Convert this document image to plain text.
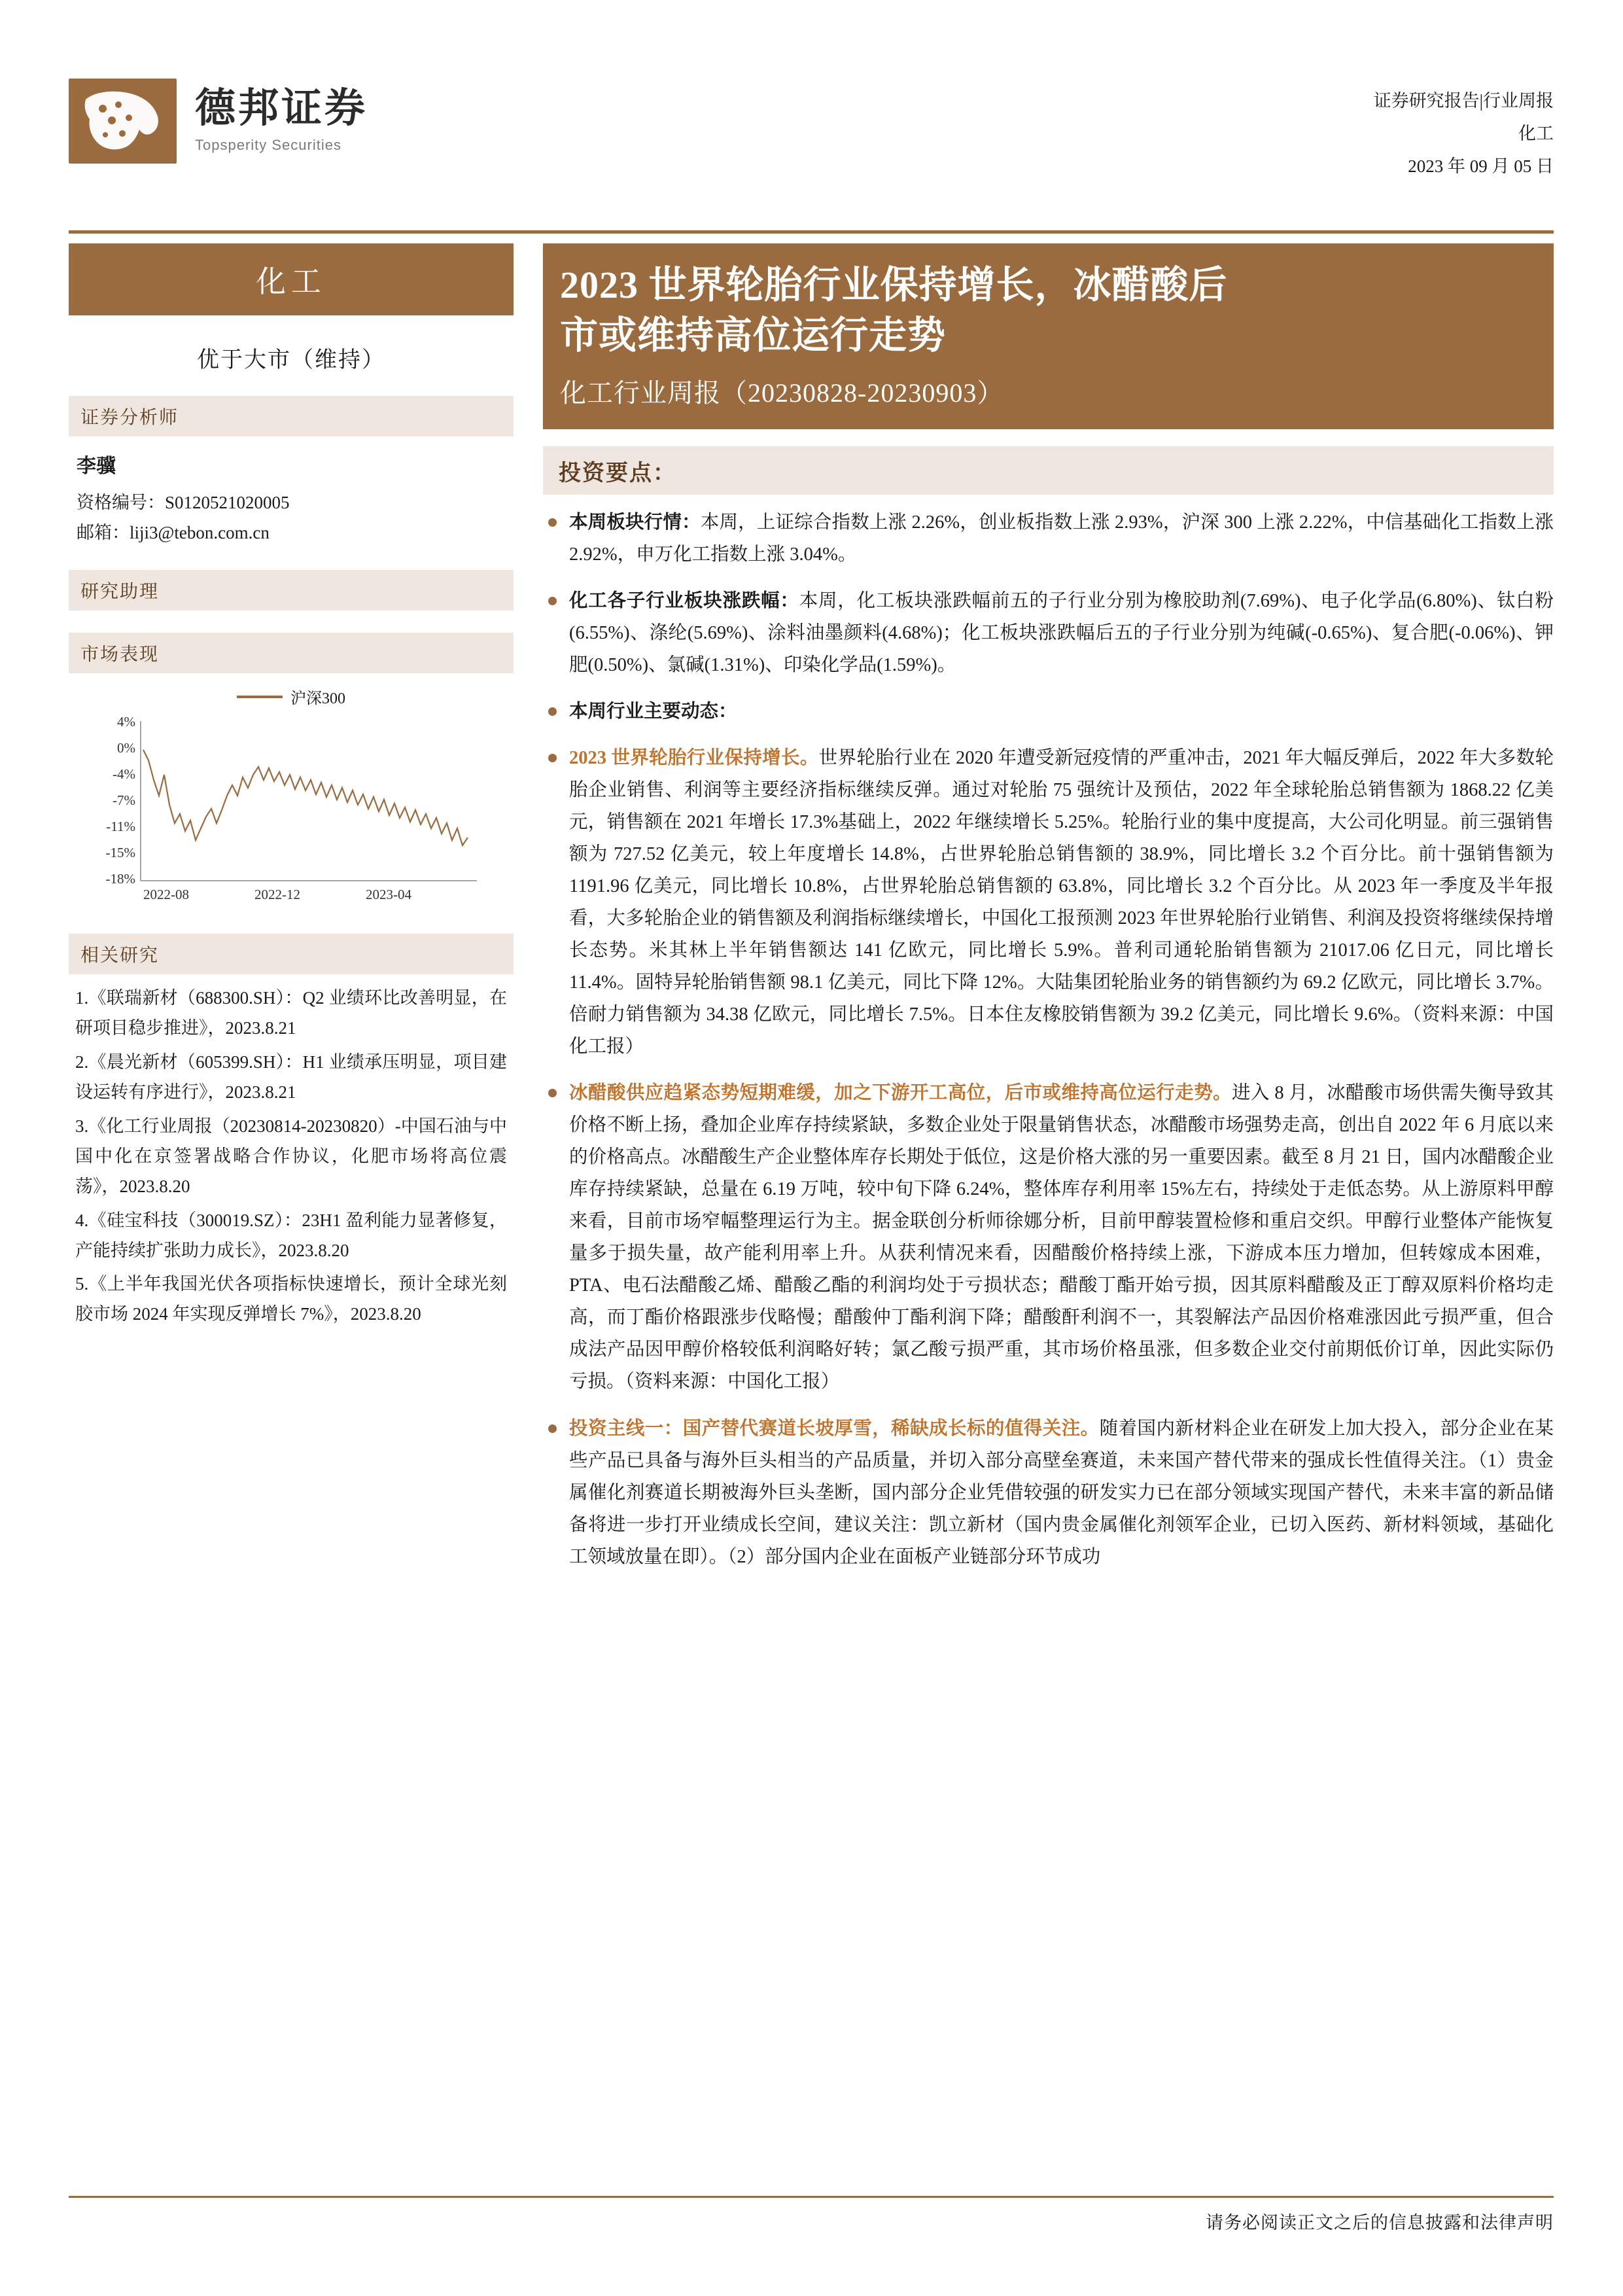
德邦证券
Topsperity Securities
证券研究报告|行业周报
化工
2023 年 09 月 05 日
化工
优于大市（维持）
证券分析师
李骥
资格编号：S0120521020005
邮箱：liji3@tebon.com.cn
研究助理
市场表现
沪深300
4%
0%
-4%
-7%
-11%
-15%
-18%
2022-08	2022-12	2023-04
相关研究

1.《联瑞新材（688300.SH）：Q2 业绩环比改善明显，在研项目稳步推进》，2023.8.21

2.《晨光新材（605399.SH）：H1 业绩承压明显，项目建设运转有序进行》，2023.8.21

3.《化工行业周报（20230814-20230820）-中国石油与中国中化在京签署战略合作协议，化肥市场将高位震荡》，2023.8.20

4.《硅宝科技（300019.SZ）：23H1 盈利能力显著修复，产能持续扩张助力成长》，2023.8.20

5.《上半年我国光伏各项指标快速增长，预计全球光刻胶市场 2024 年实现反弹增长 7%》，2023.8.20

2023 世界轮胎行业保持增长，冰醋酸后
市或维持高位运行走势
化工行业周报（20230828-20230903）
投资要点：
本周板块行情：本周，上证综合指数上涨 2.26%，创业板指数上涨 2.93%，沪深 300 上涨 2.22%，中信基础化工指数上涨 2.92%，申万化工指数上涨 3.04%。
化工各子行业板块涨跌幅：本周，化工板块涨跌幅前五的子行业分别为橡胶助剂(7.69%)、电子化学品(6.80%)、钛白粉(6.55%)、涤纶(5.69%)、涂料油墨颜料(4.68%)；化工板块涨跌幅后五的子行业分别为纯碱(-0.65%)、复合肥(-0.06%)、钾肥(0.50%)、氯碱(1.31%)、印染化学品(1.59%)。
本周行业主要动态：
2023 世界轮胎行业保持增长。世界轮胎行业在 2020 年遭受新冠疫情的严重冲击，2021 年大幅反弹后，2022 年大多数轮胎企业销售、利润等主要经济指标继续反弹。通过对轮胎 75 强统计及预估，2022 年全球轮胎总销售额为 1868.22 亿美元，销售额在 2021 年增长 17.3%基础上，2022 年继续增长 5.25%。轮胎行业的集中度提高，大公司化明显。前三强销售额为 727.52 亿美元，较上年度增长 14.8%，占世界轮胎总销售额的 38.9%，同比增长 3.2 个百分比。前十强销售额为 1191.96 亿美元，同比增长 10.8%，占世界轮胎总销售额的 63.8%，同比增长 3.2 个百分比。从 2023 年一季度及半年报看，大多轮胎企业的销售额及利润指标继续增长，中国化工报预测 2023 年世界轮胎行业销售、利润及投资将继续保持增长态势。米其林上半年销售额达 141 亿欧元，同比增长 5.9%。普利司通轮胎销售额为 21017.06 亿日元，同比增长 11.4%。固特异轮胎销售额 98.1 亿美元，同比下降 12%。大陆集团轮胎业务的销售额约为 69.2 亿欧元，同比增长 3.7%。倍耐力销售额为 34.38 亿欧元，同比增长 7.5%。日本住友橡胶销售额为 39.2 亿美元，同比增长 9.6%。（资料来源：中国化工报）
冰醋酸供应趋紧态势短期难缓，加之下游开工高位，后市或维持高位运行走势。进入 8 月，冰醋酸市场供需失衡导致其价格不断上扬，叠加企业库存持续紧缺，多数企业处于限量销售状态，冰醋酸市场强势走高，创出自 2022 年 6 月底以来的价格高点。冰醋酸生产企业整体库存长期处于低位，这是价格大涨的另一重要因素。截至 8 月 21 日，国内冰醋酸企业库存持续紧缺，总量在 6.19 万吨，较中旬下降 6.24%，整体库存利用率 15%左右，持续处于走低态势。从上游原料甲醇来看，目前市场窄幅整理运行为主。据金联创分析师徐娜分析，目前甲醇装置检修和重启交织。甲醇行业整体产能恢复量多于损失量，故产能利用率上升。从获利情况来看，因醋酸价格持续上涨，下游成本压力增加，但转嫁成本困难，PTA、电石法醋酸乙烯、醋酸乙酯的利润均处于亏损状态；醋酸丁酯开始亏损，因其原料醋酸及正丁醇双原料价格均走高，而丁酯价格跟涨步伐略慢；醋酸仲丁酯利润下降；醋酸酐利润不一，其裂解法产品因价格难涨因此亏损严重，但合成法产品因甲醇价格较低利润略好转；氯乙酸亏损严重，其市场价格虽涨，但多数企业交付前期低价订单，因此实际仍亏损。（资料来源：中国化工报）
投资主线一：国产替代赛道长坡厚雪，稀缺成长标的值得关注。随着国内新材料企业在研发上加大投入，部分企业在某些产品已具备与海外巨头相当的产品质量，并切入部分高壁垒赛道，未来国产替代带来的强成长性值得关注。（1）贵金属催化剂赛道长期被海外巨头垄断，国内部分企业凭借较强的研发实力已在部分领域实现国产替代，未来丰富的新品储备将进一步打开业绩成长空间，建议关注：凯立新材（国内贵金属催化剂领军企业，已切入医药、新材料领域，基础化工领域放量在即）。（2）部分国内企业在面板产业链部分环节成功
请务必阅读正文之后的信息披露和法律声明
